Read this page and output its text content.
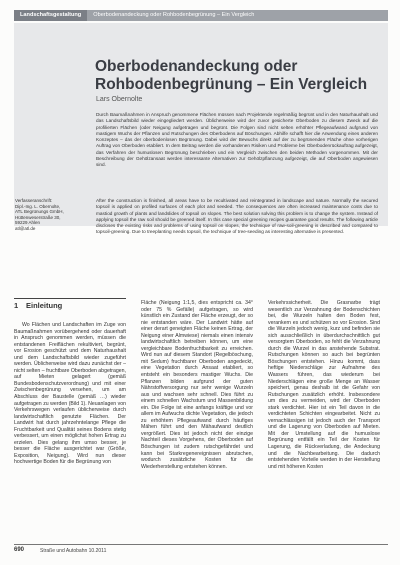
Landschaftsgestaltung	Oberbodenandeckung oder Rohbodenbegrünung – Ein Vergleich
Oberbodenandeckung oder Rohbodenbegrünung – Ein Vergleich
Lars Obernolte

Durch Baumaßnahmen in Anspruch genommene Flächen müssen nach Projektende regelmäßig begrünt und in den Naturhaushalt und das Landschaftsbild wieder eingegliedert werden. Üblicherweise wird der zuvor gesicherte Oberboden zu diesem Zweck auf die profilierten Flächen (oder Neigung aufgetragen und begrünt. Die Folgen sind nicht selten erhöhter Pflegeaufwand aufgrund von mastigem Wuchs der Pflanzen und Rutschungen des Oberbodens auf Böschungen. Abhilfe schafft hier die Anwendung eines anderen Konzeptes – das der oberbodenlosen Begrünung. Dabei wird der Bewuchs direkt auf der zu begrünenden Fläche ohne vorherigen Auftrag von Oberboden etabliert. In dem Beitrag werden die vorhandenen Risiken und Probleme bei Oberbodenrückauftrag aufgezeigt, das Verfahren der humuslosen Begrünung beschrieben und ein Vergleich zwischen den beiden Methoden vorgenommen. Mit der Beschreibung der Gehölzansaat werden interessante Alternativen zur Gehölzpflanzung aufgezeigt, die auf Oberboden angewiesen sind.

Verfasseranschrift:
Dipl.-Ing. L. Obernolte,
ATL Begrünungs GmbH,
Hüttenweserstraße 30,
59229 Ahlen
atl@atl.de

After the construction is finished, all areas have to be recultivated and reintegrated in landscape and nature. Normally the secured topsoil is applied on profiled surfaces of each plot and seeded. The consequences are often increased maintenance costs due to mastiod growth of plants and landslides of topsoil on slopes. The best solution solving this problem is to change the system. Instead of applying topsoil the raw soil should be greened itself. In this case special greening recipes guarantee good results. The following article discloses the existing risks and problems of using topsoil on slopes, the technique of raw-soil-greening is described and compared to topsoil-greening. Due to treeplanting needs topsoil, the technique of tree-seeding as interesting alternative is presented.

1 Einleitung

Wo Flächen und Landschaften im Zuge von Baumaßnahmen vorübergehend oder dauerhaft in Anspruch genommen werden, müssen die entstandenen Freiflächen rekultiviert, begrünt, vor Erosion geschützt und dem Naturhaushalt und dem Landschaftsbild wieder zugeführt werden. Üblicherweise wird dazu zunächst der – nicht selten – fruchtbare Oberboden abgetragen, auf Mieten gelagert (gemäß Bundesbodenschutzverordnung) und mit einer Zwischenbegrünung versehen, um am Abschluss der Baustelle (gemäß …) wieder aufgetragen zu werden (Bild 1). Neuanlagen von Verkehrswegen verlaufen üblicherweise durch landwirtschaftlich genutzte Flächen. Der Landwirt hat durch jahrzehntelange Pflege die Fruchtbarkeit und Qualität seines Bodens stetig verbessert, um einen möglichst hohen Ertrag zu erzielen. Dies gelang ihm umso besser, je besser die Fläche ausgerichtet war (Größe, Exposition, Neigung). Wird nun dieser hochwertige Boden für die Begrünung von

Fläche (Neigung 1:1,5, dies entspricht ca. 34° oder 75 % Gefälle) aufgetragen, so wird künstlich ein Zustand der Fläche erzeugt, der so nie entstanden wäre. Der Landwirt hätte auf einer derart geneigten Fläche keinen Ertrag, der Neigung einer Almwiese) niemals einen intensiv landwirtschaftlich betreiben können, um eine vergleichbare Bodenfruchtbarkeit zu erreichen. Wird nun auf diesem Standort (Regelböschung, mit Sedum) fruchtbarer Oberboden angedeckt, eine Vegetation durch Ansaat etabliert, so entsteht ein besonders mastiger Wuchs. Die Pflanzen bilden aufgrund der guten Nährstoffversorgung nur sehr wenige Wurzeln aus und wachsen sehr schnell. Dies führt zu einem schnellen Wachstum und Massenbildung ein. Die Folge ist eine anfangs kräftige und vor allem im Aufwuchs dichte Vegetation, die jedoch zu erhöhtem Pflegeaufwand durch häufiges Mähen führt und den Mähaufwand deutlich vergrößert. Dies ist jedoch nicht der einzige Nachteil dieses Vorgehens, der Oberboden auf Böschungen ist zudem rutschgefährdet und kann bei Starkregenereignissen abrutschen, wodurch zusätzliche Kosten für die Wiederherstellung entstehen können.

Verkehrssicherheit. Die Grasnarbe trägt wesentlich zur Verzahnung der Bodenschichten bei, die Wurzeln halten den Boden fest, verankern es und schützen so vor Erosion. Sind die Wurzeln jedoch wenig, kurz und befinden sie sich ausschließlich in überdurchschnittlich gut versorgtem Oberboden, so fehlt die Verzahnung durch die Wurzel in das anstehende Substrat. Rutschungen können so auch bei begrünten Böschungen entstehen. Hinzu kommt, dass heftige Niederschläge zur Aufnahme des Wassers führen, das wiederum bei Niederschlägen eine große Menge an Wasser speichert, genau deshalb ist die Gefahr von Rutschungen zusätzlich erhöht. Insbesondere um dies zu vermeiden, wird der Oberboden stark verdichtet. Hier ist ein Teil davon in die verdichteten Schichten eingearbeitet. Nicht zu vernachlässigen ist jedoch auch der Transport und die Lagerung von Oberboden auf Mieten. Mit der Umstellung auf die humuslose Begrünung entfällt ein Teil der Kosten für Lagerung, die Rückverladung, die Andeckung und die Nachbearbeitung. Die dadurch entstehenden Vorteile werden in der Herstellung und mit höheren Kosten

690	Straße und Autobahn 10.2011
